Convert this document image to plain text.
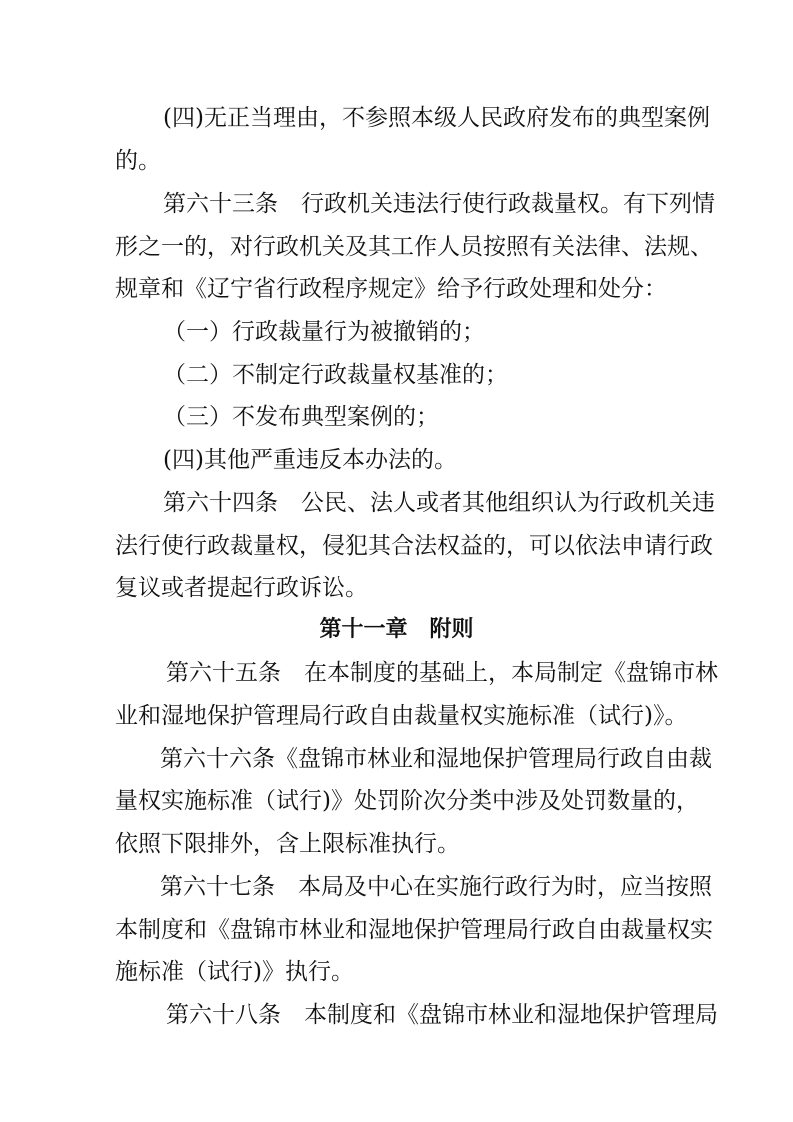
(四)无正当理由，不参照本级人民政府发布的典型案例
的。
第六十三条　行政机关违法行使行政裁量权。有下列情
形之一的，对行政机关及其工作人员按照有关法律、法规、
规章和《辽宁省行政程序规定》给予行政处理和处分：
（一）行政裁量行为被撤销的；
（二）不制定行政裁量权基准的；
（三）不发布典型案例的；
(四)其他严重违反本办法的。
第六十四条　公民、法人或者其他组织认为行政机关违
法行使行政裁量权，侵犯其合法权益的，可以依法申请行政
复议或者提起行政诉讼。
第十一章　附则
第六十五条　在本制度的基础上，本局制定《盘锦市林
业和湿地保护管理局行政自由裁量权实施标准（试行)》。
第六十六条《盘锦市林业和湿地保护管理局行政自由裁
量权实施标准（试行)》处罚阶次分类中涉及处罚数量的，
依照下限排外，含上限标准执行。
第六十七条　本局及中心在实施行政行为时，应当按照
本制度和《盘锦市林业和湿地保护管理局行政自由裁量权实
施标准（试行)》执行。
第六十八条　本制度和《盘锦市林业和湿地保护管理局
